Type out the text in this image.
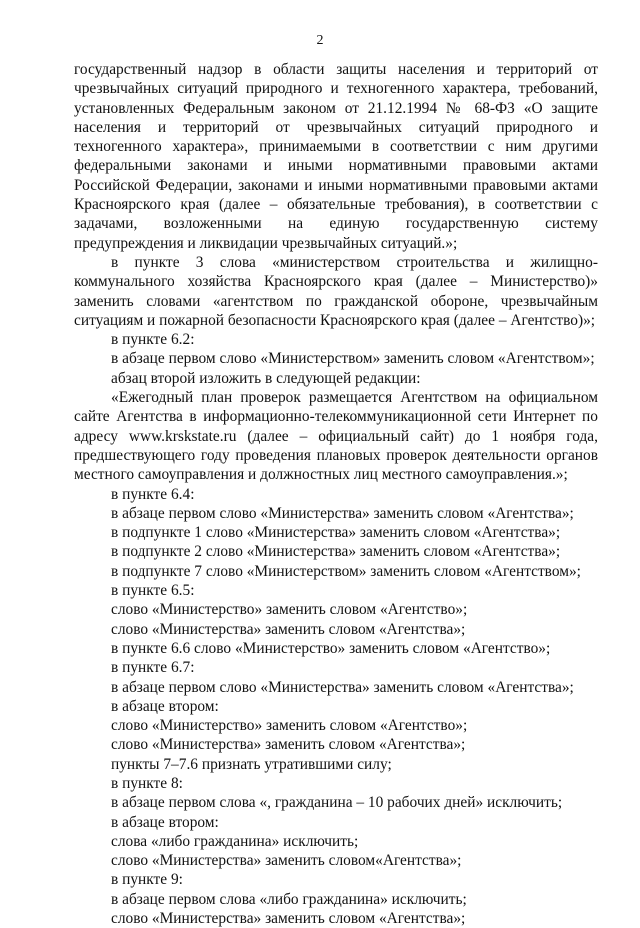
2

государственный надзор в области защиты населения и территорий от чрезвычайных ситуаций природного и техногенного характера, требований, установленных Федеральным законом от 21.12.1994 № 68-ФЗ «О защите населения и территорий от чрезвычайных ситуаций природного и техногенного характера», принимаемыми в соответствии с ним другими федеральными законами и иными нормативными правовыми актами Российской Федерации, законами и иными нормативными правовыми актами Красноярского края (далее – обязательные требования), в соответствии с задачами, возложенными на единую государственную систему предупреждения и ликвидации чрезвычайных ситуаций.»;

в пункте 3 слова «министерством строительства и жилищно-коммунального хозяйства Красноярского края (далее – Министерство)» заменить словами «агентством по гражданской обороне, чрезвычайным ситуациям и пожарной безопасности Красноярского края (далее – Агентство)»;

в пункте 6.2:

в абзаце первом слово «Министерством» заменить словом «Агентством»;

абзац второй изложить в следующей редакции:

«Ежегодный план проверок размещается Агентством на официальном сайте Агентства в информационно-телекоммуникационной сети Интернет по адресу www.krskstate.ru (далее – официальный сайт) до 1 ноября года, предшествующего году проведения плановых проверок деятельности органов местного самоуправления и должностных лиц местного самоуправления.»;

в пункте 6.4:

в абзаце первом слово «Министерства» заменить словом «Агентства»;

в подпункте 1 слово «Министерства» заменить словом «Агентства»;

в подпункте 2 слово «Министерства» заменить словом «Агентства»;

в подпункте 7 слово «Министерством» заменить словом «Агентством»;

в пункте 6.5:

слово «Министерство» заменить словом «Агентство»;

слово «Министерства» заменить словом «Агентства»;

в пункте 6.6 слово «Министерство» заменить словом «Агентство»;

в пункте 6.7:

в абзаце первом слово «Министерства» заменить словом «Агентства»;

в абзаце втором:

слово «Министерство» заменить словом «Агентство»;

слово «Министерства» заменить словом «Агентства»;

пункты 7–7.6 признать утратившими силу;

в пункте 8:

в абзаце первом слова «, гражданина – 10 рабочих дней» исключить;

в абзаце втором:

слова «либо гражданина» исключить;

слово «Министерства» заменить словом«Агентства»;

в пункте 9:

в абзаце первом слова «либо гражданина» исключить;

слово «Министерства» заменить словом «Агентства»;
